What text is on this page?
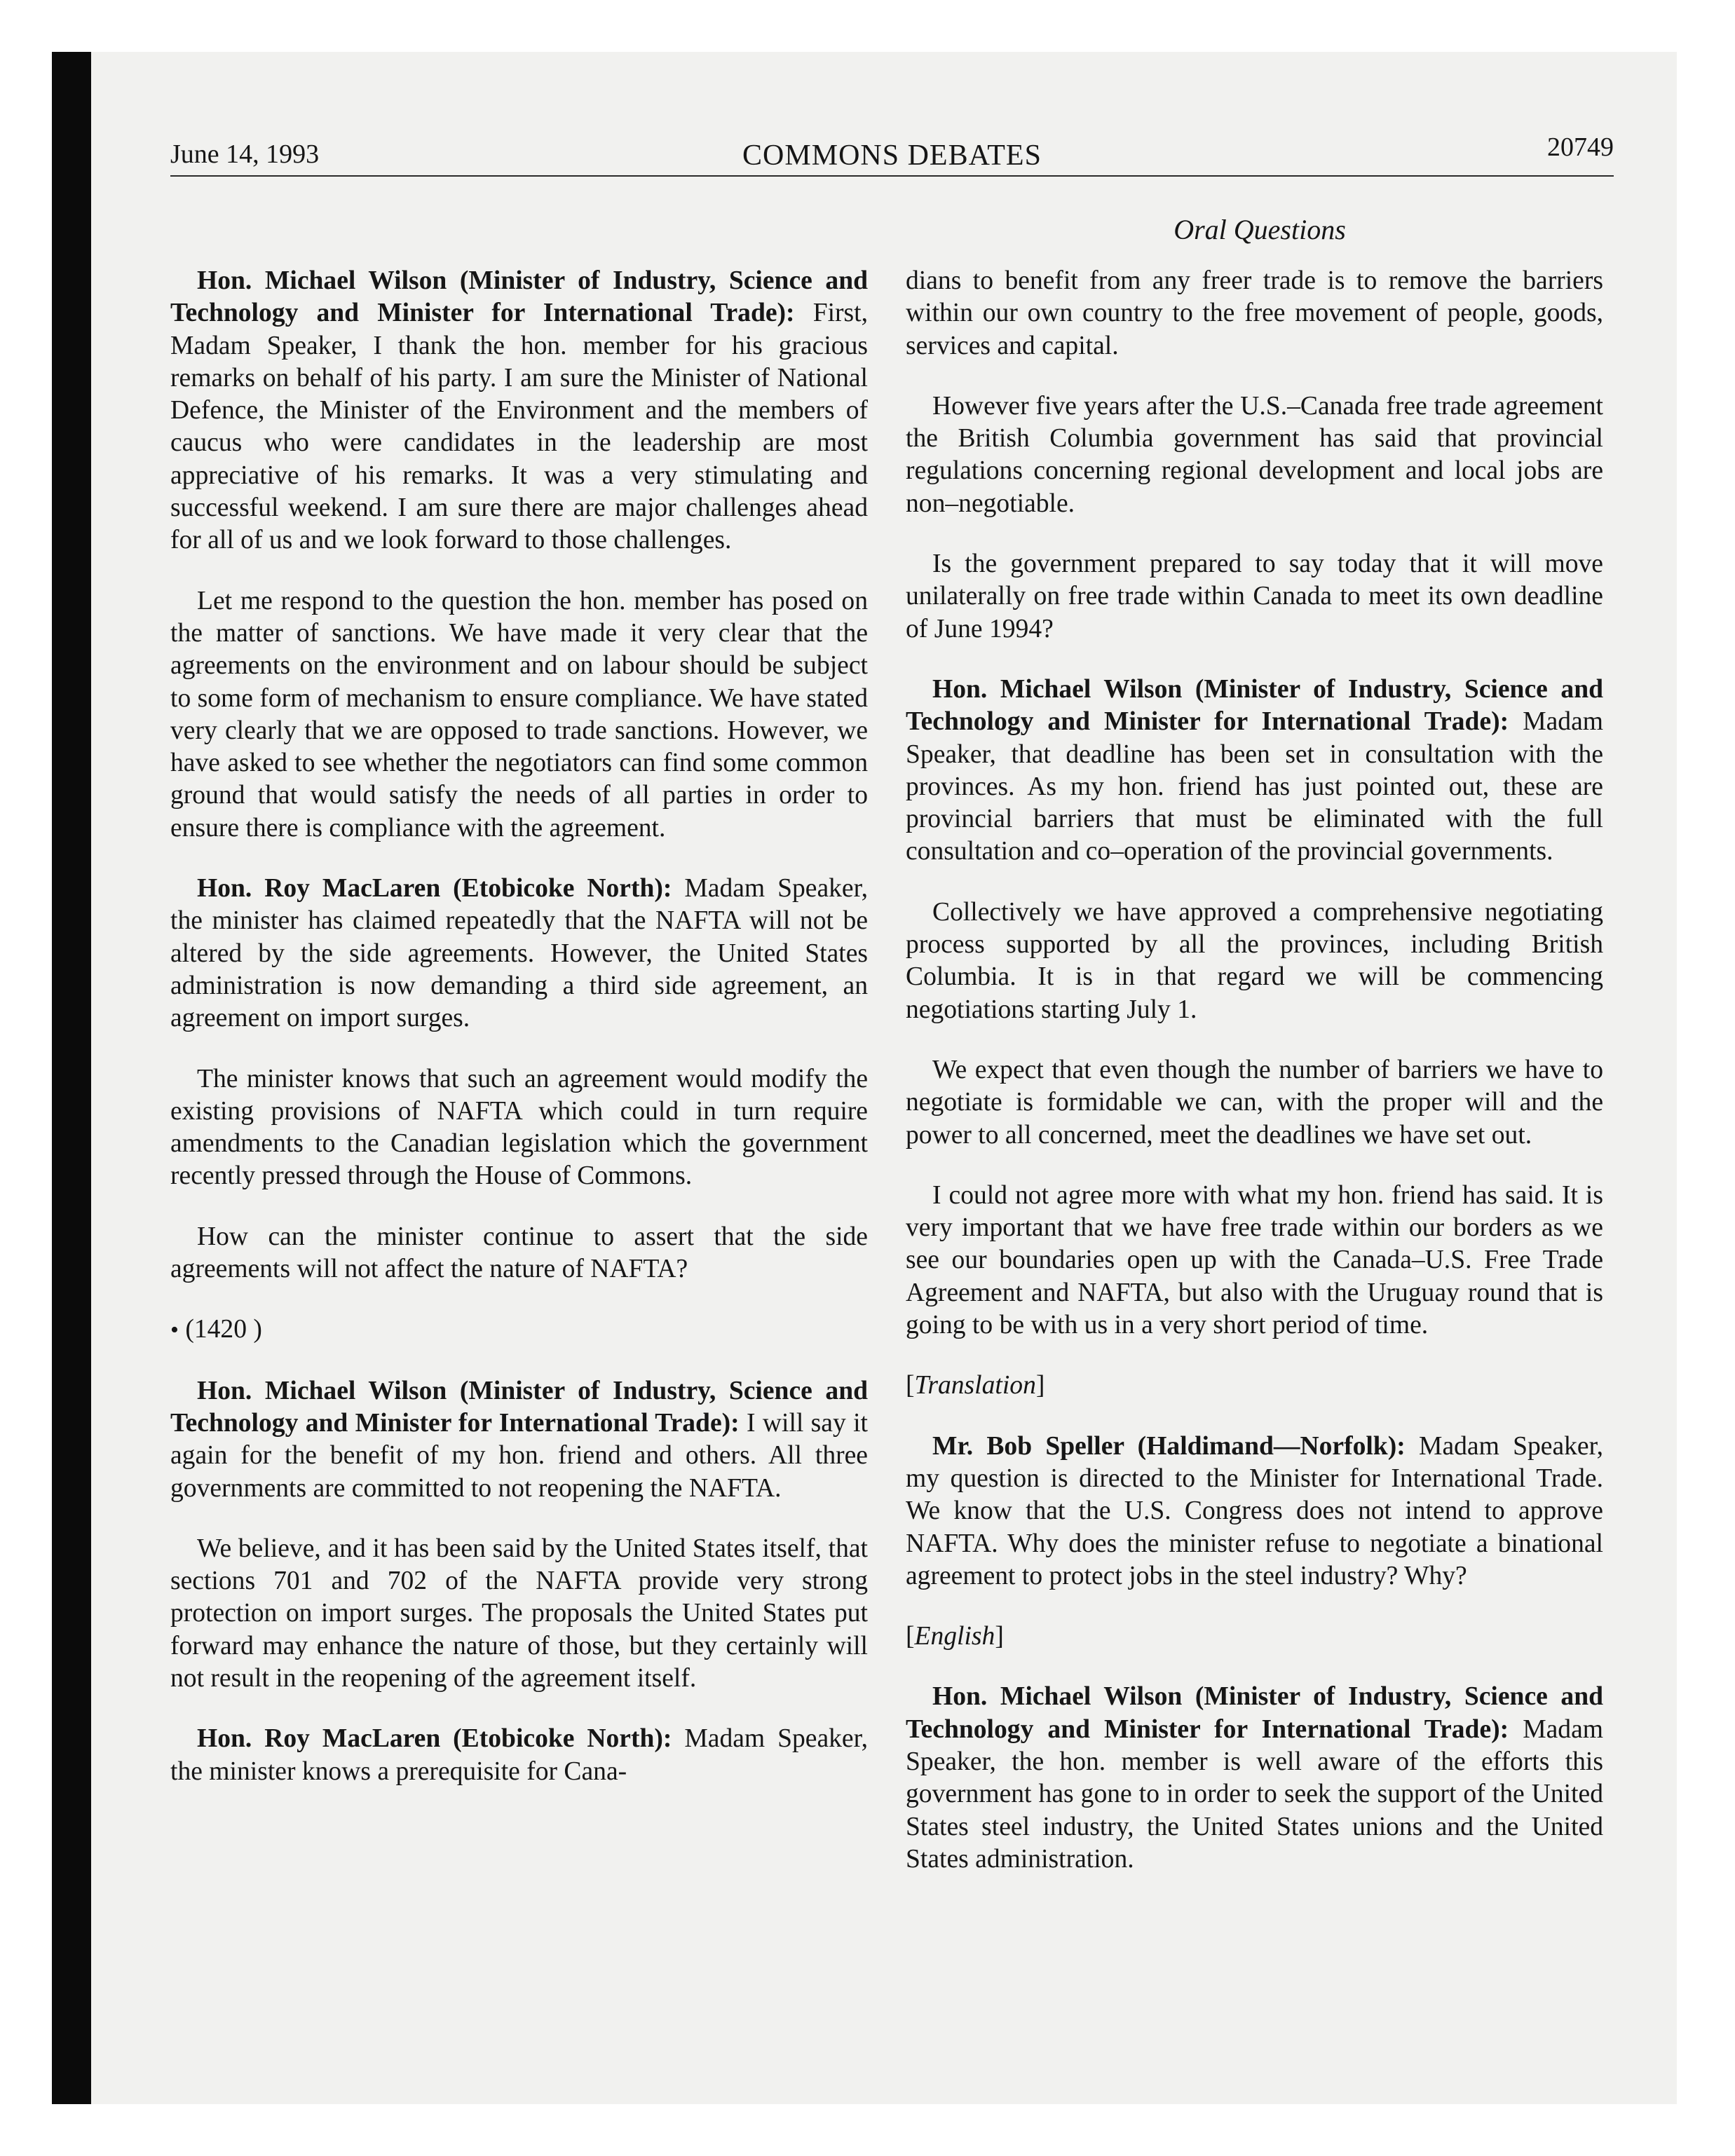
June 14, 1993	COMMONS DEBATES	20749
Oral Questions

Hon. Michael Wilson (Minister of Industry, Science and Technology and Minister for International Trade): First, Madam Speaker, I thank the hon. member for his gracious remarks on behalf of his party. I am sure the Minister of National Defence, the Minister of the Environment and the members of caucus who were candidates in the leadership are most appreciative of his remarks. It was a very stimulating and successful weekend. I am sure there are major challenges ahead for all of us and we look forward to those challenges.

Let me respond to the question the hon. member has posed on the matter of sanctions. We have made it very clear that the agreements on the environment and on labour should be subject to some form of mechanism to ensure compliance. We have stated very clearly that we are opposed to trade sanctions. However, we have asked to see whether the negotiators can find some common ground that would satisfy the needs of all parties in order to ensure there is compliance with the agreement.

Hon. Roy MacLaren (Etobicoke North): Madam Speaker, the minister has claimed repeatedly that the NAFTA will not be altered by the side agreements. However, the United States administration is now demanding a third side agreement, an agreement on import surges.

The minister knows that such an agreement would modify the existing provisions of NAFTA which could in turn require amendments to the Canadian legislation which the government recently pressed through the House of Commons.

How can the minister continue to assert that the side agreements will not affect the nature of NAFTA?

• (1420 )

Hon. Michael Wilson (Minister of Industry, Science and Technology and Minister for International Trade): I will say it again for the benefit of my hon. friend and others. All three governments are committed to not reopening the NAFTA.

We believe, and it has been said by the United States itself, that sections 701 and 702 of the NAFTA provide very strong protection on import surges. The proposals the United States put forward may enhance the nature of those, but they certainly will not result in the reopening of the agreement itself.

Hon. Roy MacLaren (Etobicoke North): Madam Speaker, the minister knows a prerequisite for Cana-

dians to benefit from any freer trade is to remove the barriers within our own country to the free movement of people, goods, services and capital.

However five years after the U.S.–Canada free trade agreement the British Columbia government has said that provincial regulations concerning regional development and local jobs are non–negotiable.

Is the government prepared to say today that it will move unilaterally on free trade within Canada to meet its own deadline of June 1994?

Hon. Michael Wilson (Minister of Industry, Science and Technology and Minister for International Trade): Madam Speaker, that deadline has been set in consultation with the provinces. As my hon. friend has just pointed out, these are provincial barriers that must be eliminated with the full consultation and co–operation of the provincial governments.

Collectively we have approved a comprehensive negotiating process supported by all the provinces, including British Columbia. It is in that regard we will be commencing negotiations starting July 1.

We expect that even though the number of barriers we have to negotiate is formidable we can, with the proper will and the power to all concerned, meet the deadlines we have set out.

I could not agree more with what my hon. friend has said. It is very important that we have free trade within our borders as we see our boundaries open up with the Canada–U.S. Free Trade Agreement and NAFTA, but also with the Uruguay round that is going to be with us in a very short period of time.

[Translation]

Mr. Bob Speller (Haldimand—Norfolk): Madam Speaker, my question is directed to the Minister for International Trade. We know that the U.S. Congress does not intend to approve NAFTA. Why does the minister refuse to negotiate a binational agreement to protect jobs in the steel industry? Why?

[English]

Hon. Michael Wilson (Minister of Industry, Science and Technology and Minister for International Trade): Madam Speaker, the hon. member is well aware of the efforts this government has gone to in order to seek the support of the United States steel industry, the United States unions and the United States administration.
